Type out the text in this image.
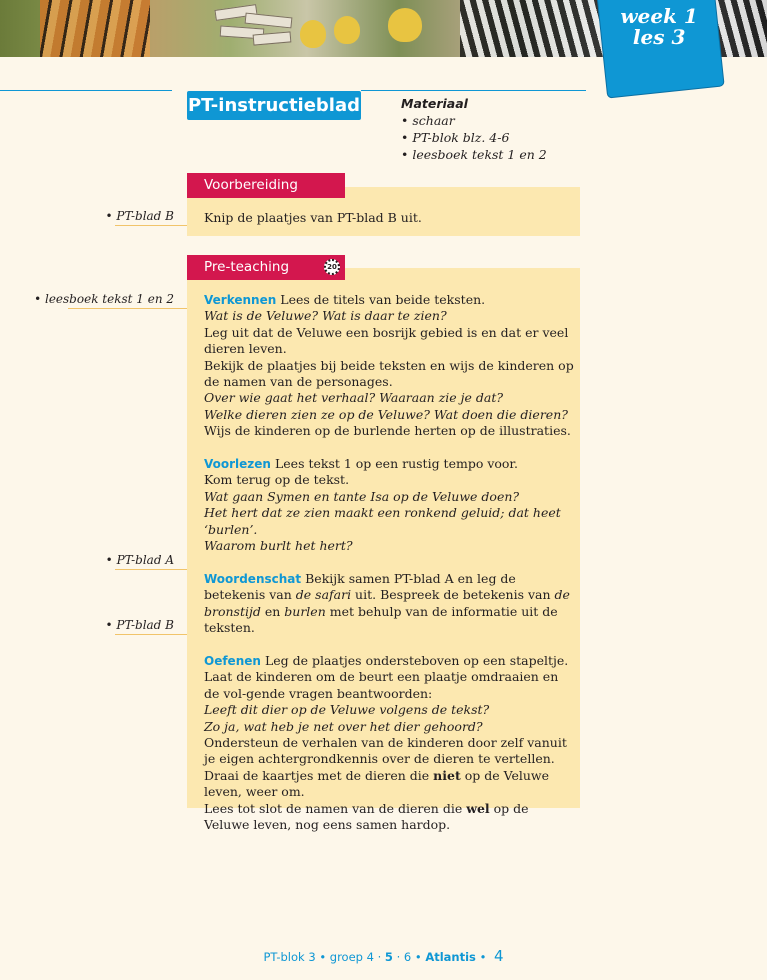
week 1
les 3
PT-instructieblad	Materiaal
• schaar
• PT-blok blz. 4-6
• leesboek tekst 1 en 2
Voorbereiding
• PT-blad B Knip de plaatjes van PT-blad B uit.
Pre-teaching	20
• leesboek tekst 1 en 2
• PT-blad A
• PT-blad B

Verkennen Lees de titels van beide teksten.

Wat is de Veluwe? Wat is daar te zien?

Leg uit dat de Veluwe een bosrijk gebied is en dat er veel dieren leven.

Bekijk de plaatjes bij beide teksten en wijs de kinderen op de namen van de personages.

Over wie gaat het verhaal? Waaraan zie je dat?

Welke dieren zien ze op de Veluwe? Wat doen die dieren?

Wijs de kinderen op de burlende herten op de illustraties.

Voorlezen Lees tekst 1 op een rustig tempo voor.

Kom terug op de tekst.

Wat gaan Symen en tante Isa op de Veluwe doen?

Het hert dat ze zien maakt een ronkend geluid; dat heet ‘burlen’.

Waarom burlt het hert?

Woordenschat Bekijk samen PT-blad A en leg de betekenis van de safari uit. Bespreek de betekenis van de bronstijd en burlen met behulp van de informatie uit de teksten.

Oefenen Leg de plaatjes ondersteboven op een stapeltje.

Laat de kinderen om de beurt een plaatje omdraaien en de vol-gende vragen beantwoorden:

Leeft dit dier op de Veluwe volgens de tekst?

Zo ja, wat heb je net over het dier gehoord?

Ondersteun de verhalen van de kinderen door zelf vanuit je eigen achtergrondkennis over de dieren te vertellen.

Draai de kaartjes met de dieren die niet op de Veluwe leven, weer om.

Lees tot slot de namen van de dieren die wel op de Veluwe leven, nog eens samen hardop.

PT-blok 3 • groep 4 · 5 · 6 • Atlantis • 4
